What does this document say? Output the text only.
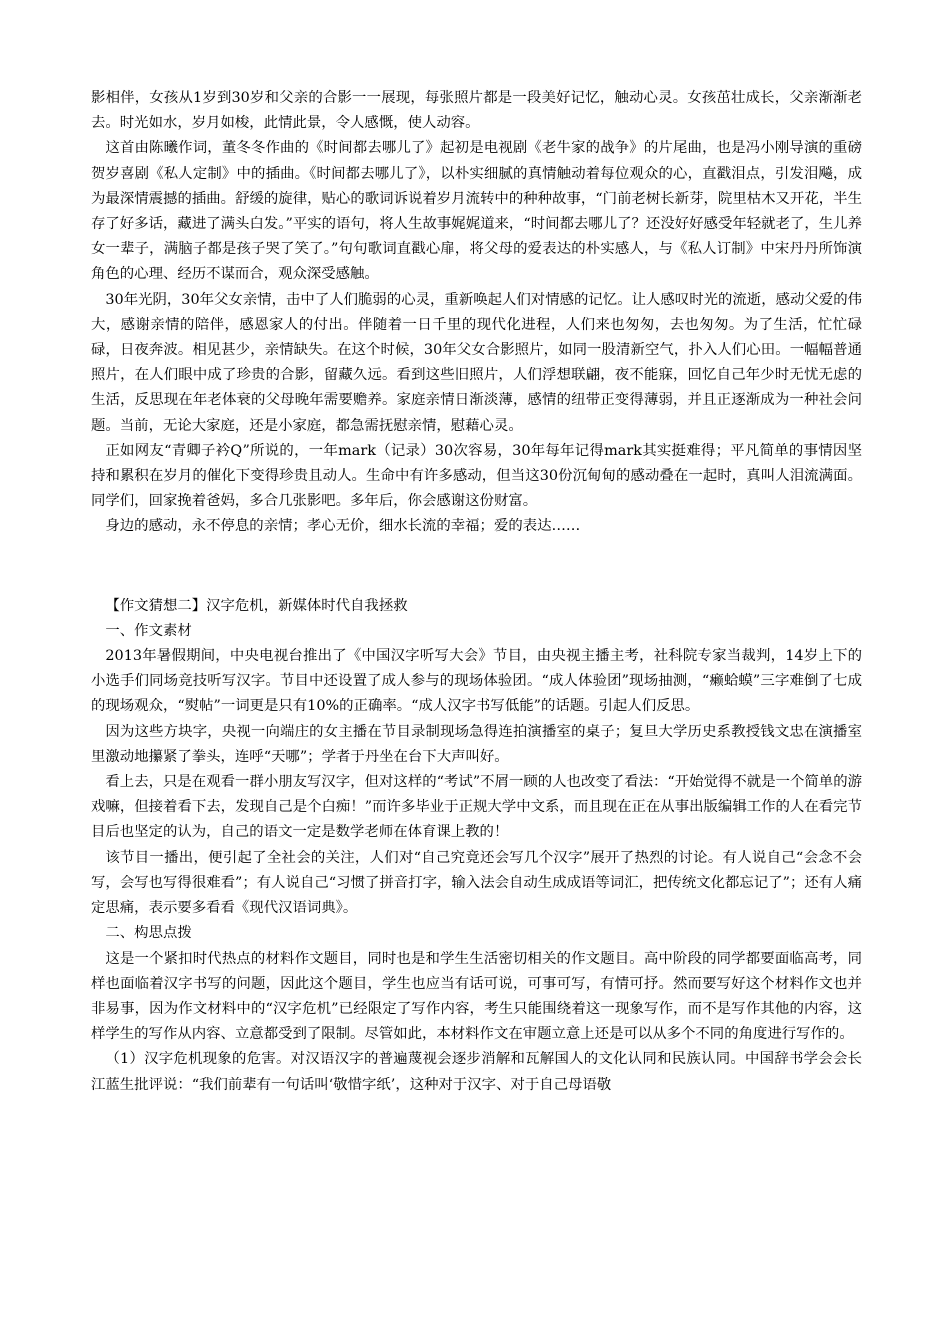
影相伴，女孩从1岁到30岁和父亲的合影一一展现，每张照片都是一段美好记忆，触动心灵。女孩茁壮成长，父亲渐渐老去。时光如水，岁月如梭，此情此景，令人感慨，使人动容。

这首由陈曦作词，董冬冬作曲的《时间都去哪儿了》起初是电视剧《老牛家的战争》的片尾曲，也是冯小刚导演的重磅贺岁喜剧《私人定制》中的插曲。《时间都去哪儿了》，以朴实细腻的真情触动着每位观众的心，直戳泪点，引发泪飚，成为最深情震撼的插曲。舒缓的旋律，贴心的歌词诉说着岁月流转中的种种故事，“门前老树长新芽，院里枯木又开花，半生存了好多话，藏进了满头白发。”平实的语句，将人生故事娓娓道来，“时间都去哪儿了？还没好好感受年轻就老了，生儿养女一辈子，满脑子都是孩子哭了笑了。”句句歌词直戳心扉，将父母的爱表达的朴实感人，与《私人订制》中宋丹丹所饰演角色的心理、经历不谋而合，观众深受感触。

30年光阴，30年父女亲情，击中了人们脆弱的心灵，重新唤起人们对情感的记忆。让人感叹时光的流逝，感动父爱的伟大，感谢亲情的陪伴，感恩家人的付出。伴随着一日千里的现代化进程，人们来也匆匆，去也匆匆。为了生活，忙忙碌碌，日夜奔波。相见甚少，亲情缺失。在这个时候，30年父女合影照片，如同一股清新空气，扑入人们心田。一幅幅普通照片，在人们眼中成了珍贵的合影，留藏久远。看到这些旧照片，人们浮想联翩，夜不能寐，回忆自己年少时无忧无虑的生活，反思现在年老体衰的父母晚年需要赡养。家庭亲情日渐淡薄，感情的纽带正变得薄弱，并且正逐渐成为一种社会问题。当前，无论大家庭，还是小家庭，都急需抚慰亲情，慰藉心灵。

正如网友“青卿子衿Q”所说的，一年mark（记录）30次容易，30年每年记得mark其实挺难得；平凡简单的事情因坚持和累积在岁月的催化下变得珍贵且动人。生命中有许多感动，但当这30份沉甸甸的感动叠在一起时，真叫人泪流满面。同学们，回家挽着爸妈，多合几张影吧。多年后，你会感谢这份财富。

身边的感动，永不停息的亲情；孝心无价，细水长流的幸福；爱的表达……

【作文猜想二】汉字危机，新媒体时代自我拯救

一、作文素材

2013年暑假期间，中央电视台推出了《中国汉字听写大会》节目，由央视主播主考，社科院专家当裁判，14岁上下的小选手们同场竞技听写汉字。节目中还设置了成人参与的现场体验团。“成人体验团”现场抽测，“癞蛤蟆”三字难倒了七成的现场观众，“熨帖”一词更是只有10%的正确率。“成人汉字书写低能”的话题。引起人们反思。

因为这些方块字，央视一向端庄的女主播在节目录制现场急得连拍演播室的桌子；复旦大学历史系教授钱文忠在演播室里激动地攥紧了拳头，连呼“天哪”；学者于丹坐在台下大声叫好。

看上去，只是在观看一群小朋友写汉字，但对这样的“考试”不屑一顾的人也改变了看法：“开始觉得不就是一个简单的游戏嘛，但接着看下去，发现自己是个白痴！”而许多毕业于正规大学中文系，而且现在正在从事出版编辑工作的人在看完节目后也坚定的认为，自己的语文一定是数学老师在体育课上教的！

该节目一播出，便引起了全社会的关注，人们对“自己究竟还会写几个汉字”展开了热烈的讨论。有人说自己“会念不会写，会写也写得很难看”；有人说自己“习惯了拼音打字，输入法会自动生成成语等词汇，把传统文化都忘记了”；还有人痛定思痛，表示要多看看《现代汉语词典》。

二、构思点拨

这是一个紧扣时代热点的材料作文题目，同时也是和学生生活密切相关的作文题目。高中阶段的同学都要面临高考，同样也面临着汉字书写的问题，因此这个题目，学生也应当有话可说，可事可写，有情可抒。然而要写好这个材料作文也并非易事，因为作文材料中的“汉字危机”已经限定了写作内容，考生只能围绕着这一现象写作，而不是写作其他的内容，这样学生的写作从内容、立意都受到了限制。尽管如此，本材料作文在审题立意上还是可以从多个不同的角度进行写作的。

（1）汉字危机现象的危害。对汉语汉字的普遍蔑视会逐步消解和瓦解国人的文化认同和民族认同。中国辞书学会会长江蓝生批评说：“我们前辈有一句话叫‘敬惜字纸’，这种对于汉字、对于自己母语敬
